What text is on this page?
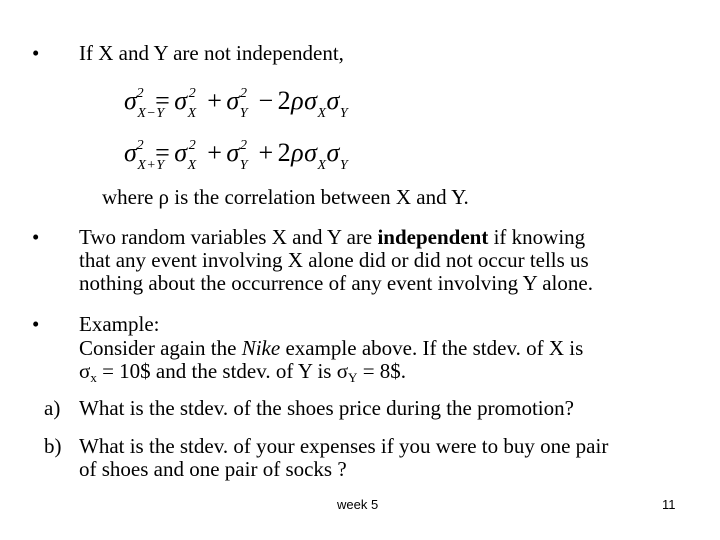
• If X and Y are not independent,
$\sigma_{X-Y}^2 = \sigma_X^2 + \sigma_Y^2 - 2\rho\sigma_X\sigma_Y$
$\sigma_{X+Y}^2 = \sigma_X^2 + \sigma_Y^2 + 2\rho\sigma_X\sigma_Y$
where ρ is the correlation between X and Y.
• Two random variables X and Y are independent if knowing
that any event involving X alone did or did not occur tells us
nothing about the occurrence of any event involving Y alone.
• Example:
Consider again the Nike example above. If the stdev. of X is
σx = 10$ and the stdev. of Y is σY = 8$.
a) What is the stdev. of the shoes price during the promotion?
b) What is the stdev. of your expenses if you were to buy one pair
of shoes and one pair of socks ?
week 5	11
